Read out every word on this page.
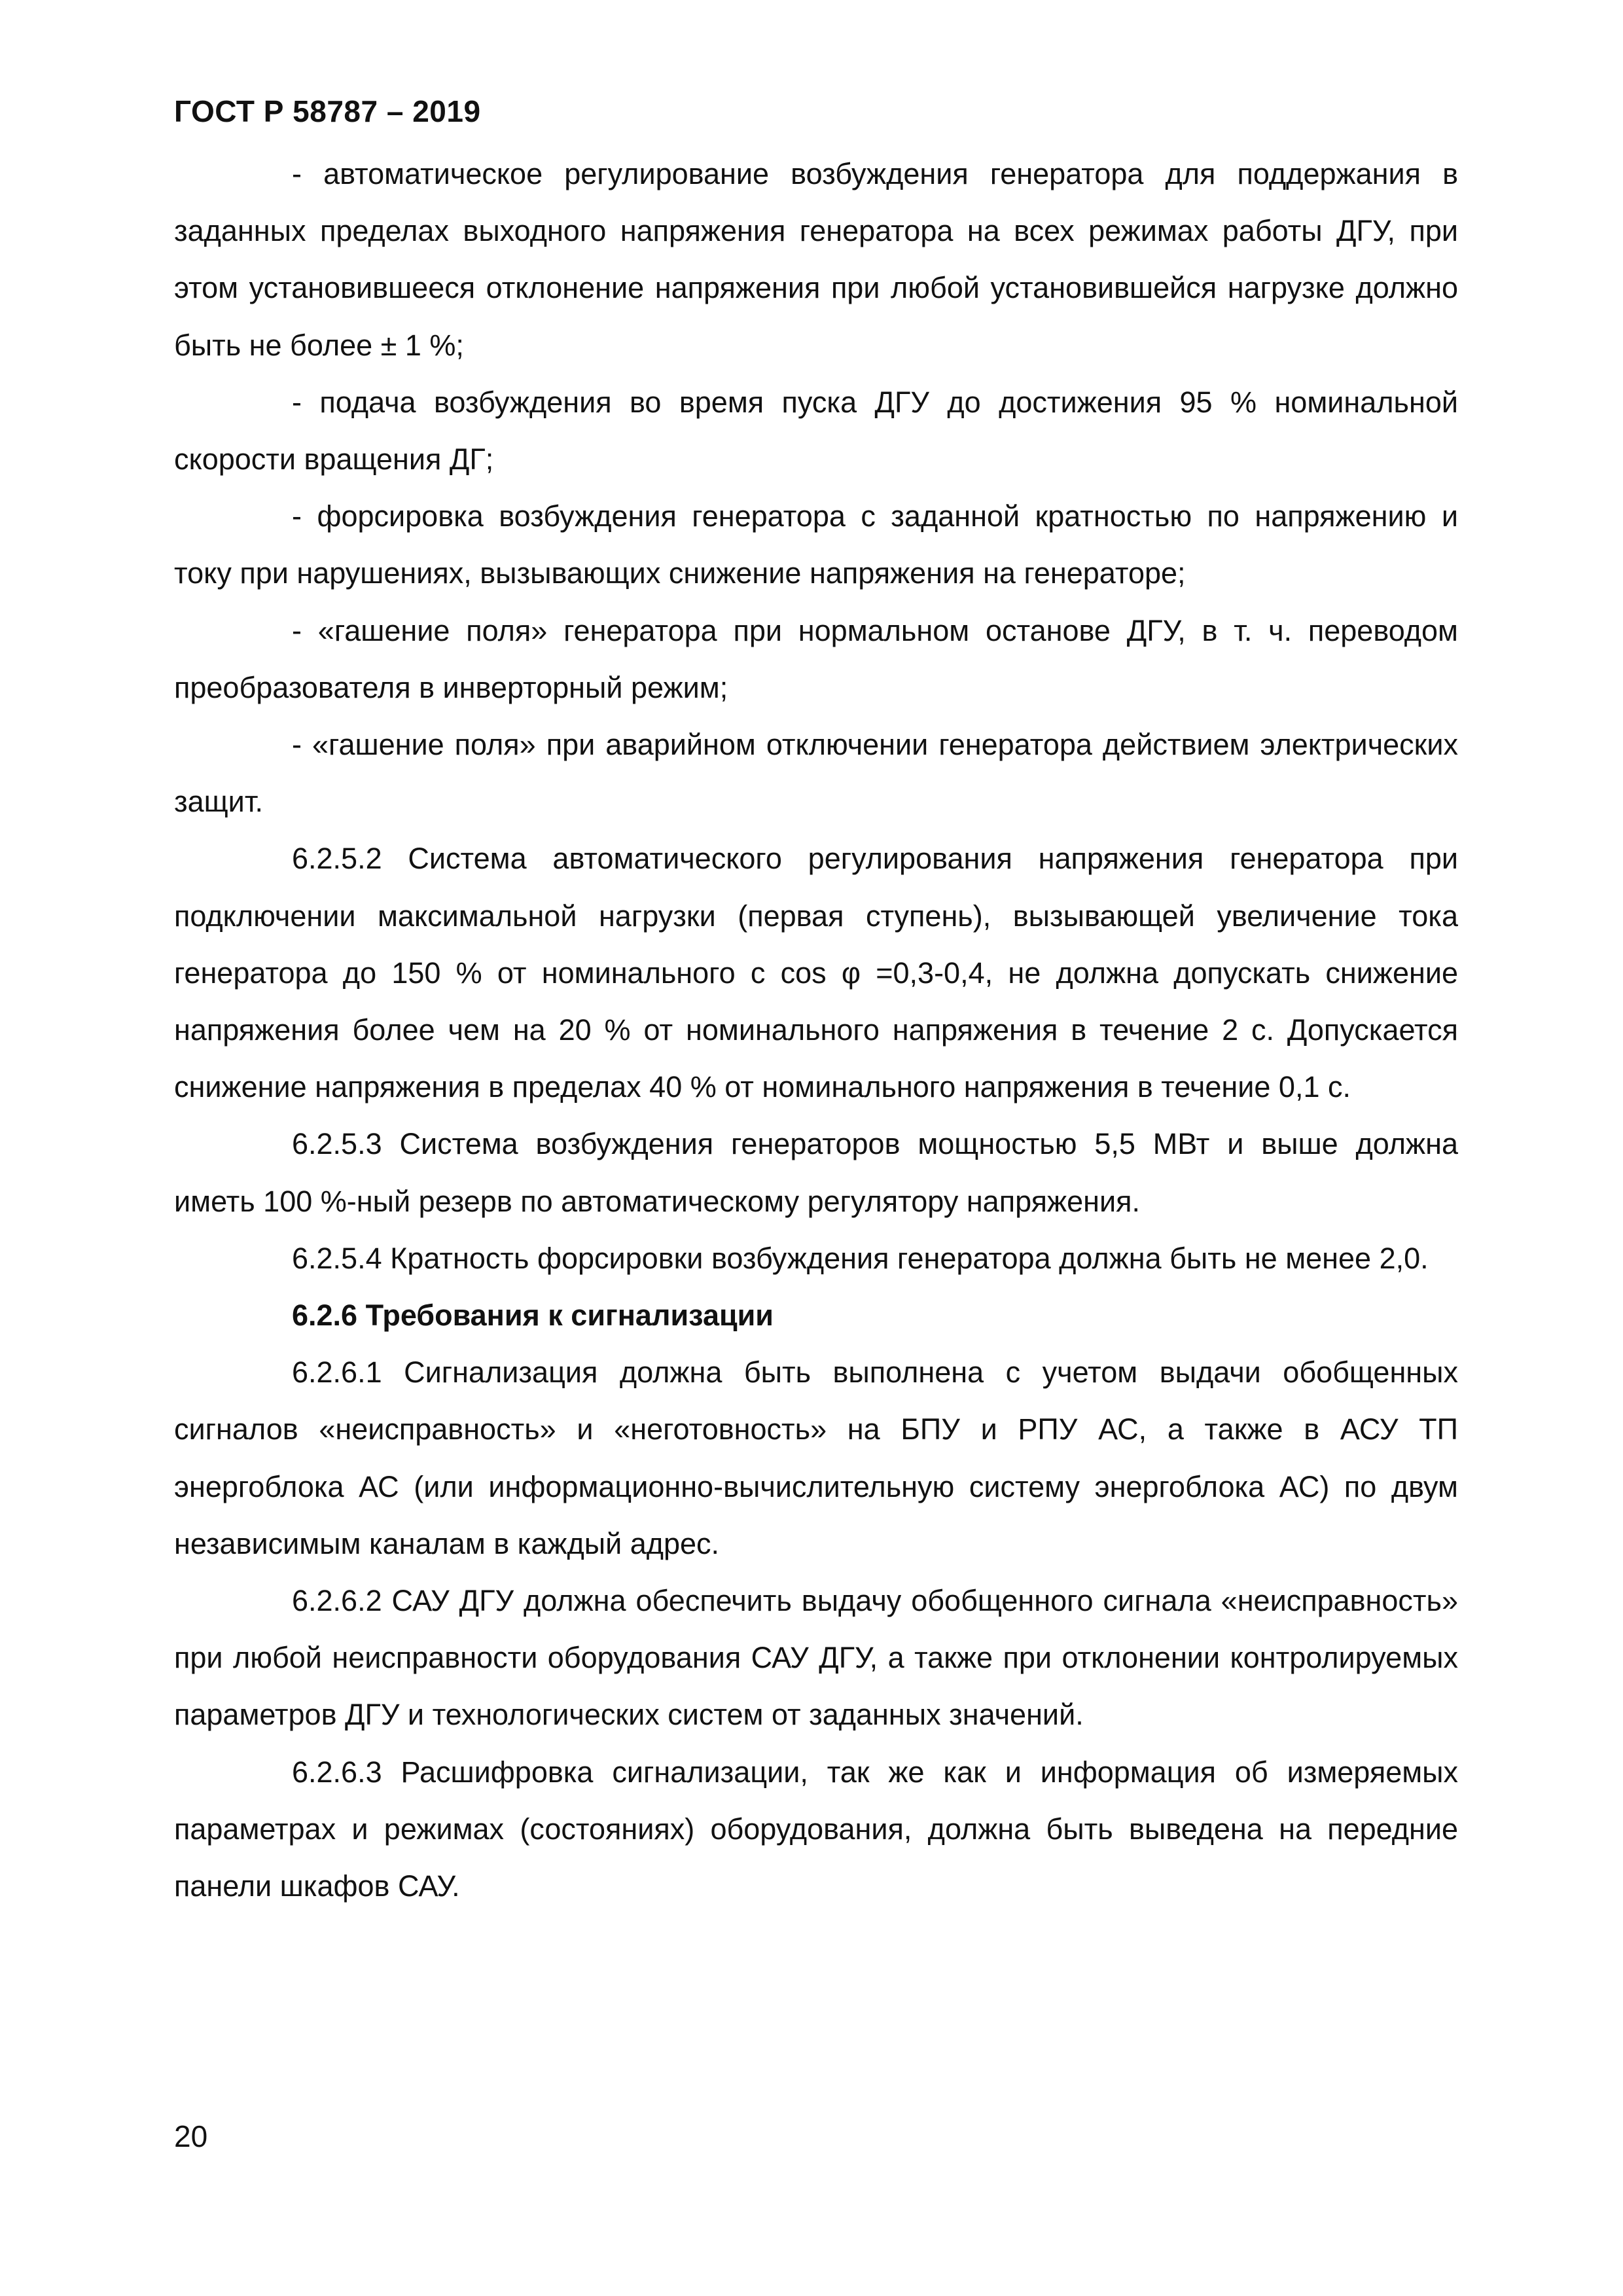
ГОСТ Р 58787 – 2019

- автоматическое регулирование возбуждения генератора для поддержания в заданных пределах выходного напряжения генератора на всех режимах работы ДГУ, при этом установившееся отклонение напряжения при любой установившейся нагрузке должно быть не более ± 1 %;

- подача возбуждения во время пуска ДГУ до достижения 95 % номинальной скорости вращения ДГ;

- форсировка возбуждения генератора с заданной кратностью по напряжению и току при нарушениях, вызывающих снижение напряжения на генераторе;

- «гашение поля» генератора при нормальном останове ДГУ, в т. ч. переводом преобразователя в инверторный режим;

- «гашение поля» при аварийном отключении генератора действием электрических защит.

6.2.5.2 Система автоматического регулирования напряжения генератора при подключении максимальной нагрузки (первая ступень), вызывающей увеличение тока генератора до 150 % от номинального с cos φ =0,3-0,4, не должна допускать снижение напряжения более чем на 20 % от номинального напряжения в течение 2 с. Допускается снижение напряжения в пределах 40 % от номинального напряжения в течение 0,1 с.

6.2.5.3 Система возбуждения генераторов мощностью 5,5 МВт и выше должна иметь 100 %-ный резерв по автоматическому регулятору напряжения.

6.2.5.4 Кратность форсировки возбуждения генератора должна быть не менее 2,0.

6.2.6 Требования к сигнализации

6.2.6.1 Сигнализация должна быть выполнена с учетом выдачи обобщенных сигналов «неисправность» и «неготовность» на БПУ и РПУ АС, а также в АСУ ТП энергоблока АС (или информационно-вычислительную систему энергоблока АС) по двум независимым каналам в каждый адрес.

6.2.6.2 САУ ДГУ должна обеспечить выдачу обобщенного сигнала «неисправность» при любой неисправности оборудования САУ ДГУ, а также при отклонении контролируемых параметров ДГУ и технологических систем от заданных значений.

6.2.6.3 Расшифровка сигнализации, так же как и информация об измеряемых параметрах и режимах (состояниях) оборудования, должна быть выведена на передние панели шкафов САУ.

20
